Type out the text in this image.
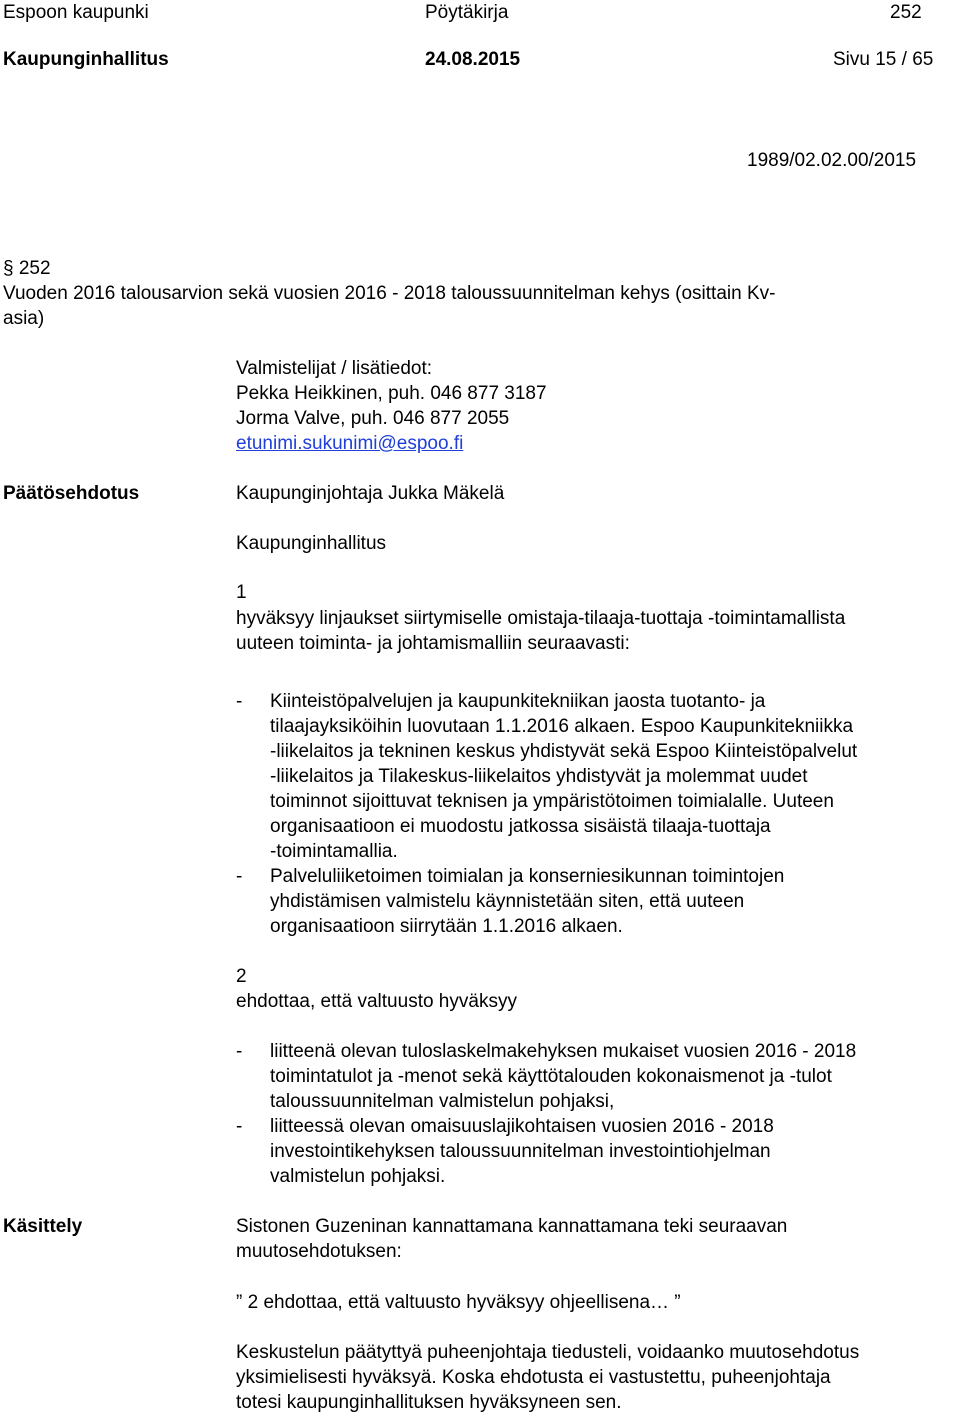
Espoon kaupunki	Pöytäkirja	252
Kaupunginhallitus	24.08.2015	Sivu 15 / 65
1989/02.02.00/2015
§ 252
Vuoden 2016 talousarvion sekä vuosien 2016 - 2018 taloussuunnitelman kehys (osittain Kv-
asia)
Valmistelijat / lisätiedot:
Pekka Heikkinen, puh. 046 877 3187
Jorma Valve, puh. 046 877 2055
etunimi.sukunimi@espoo.fi
Päätösehdotus	Kaupunginjohtaja Jukka Mäkelä
Kaupunginhallitus
1
hyväksyy linjaukset siirtymiselle omistaja-tilaaja-tuottaja -toimintamallista
uuteen toiminta- ja johtamismalliin seuraavasti:
- Kiinteistöpalvelujen ja kaupunkitekniikan jaosta tuotanto- ja
tilaajayksiköihin luovutaan 1.1.2016 alkaen. Espoo Kaupunkitekniikka
-liikelaitos ja tekninen keskus yhdistyvät sekä Espoo Kiinteistöpalvelut
-liikelaitos ja Tilakeskus-liikelaitos yhdistyvät ja molemmat uudet
toiminnot sijoittuvat teknisen ja ympäristötoimen toimialalle. Uuteen
organisaatioon ei muodostu jatkossa sisäistä tilaaja-tuottaja
-toimintamallia.
- Palveluliiketoimen toimialan ja konserniesikunnan toimintojen
yhdistämisen valmistelu käynnistetään siten, että uuteen
organisaatioon siirrytään 1.1.2016 alkaen.
2
ehdottaa, että valtuusto hyväksyy
- liitteenä olevan tuloslaskelmakehyksen mukaiset vuosien 2016 - 2018
toimintatulot ja -menot sekä käyttötalouden kokonaismenot ja -tulot
taloussuunnitelman valmistelun pohjaksi,
- liitteessä olevan omaisuuslajikohtaisen vuosien 2016 - 2018
investointikehyksen taloussuunnitelman investointiohjelman
valmistelun pohjaksi.
Käsittely	Sistonen Guzeninan kannattamana kannattamana teki seuraavan
muutosehdotuksen:
” 2 ehdottaa, että valtuusto hyväksyy ohjeellisena… ”
Keskustelun päätyttyä puheenjohtaja tiedusteli, voidaanko muutosehdotus
yksimielisesti hyväksyä. Koska ehdotusta ei vastustettu, puheenjohtaja
totesi kaupunginhallituksen hyväksyneen sen.
